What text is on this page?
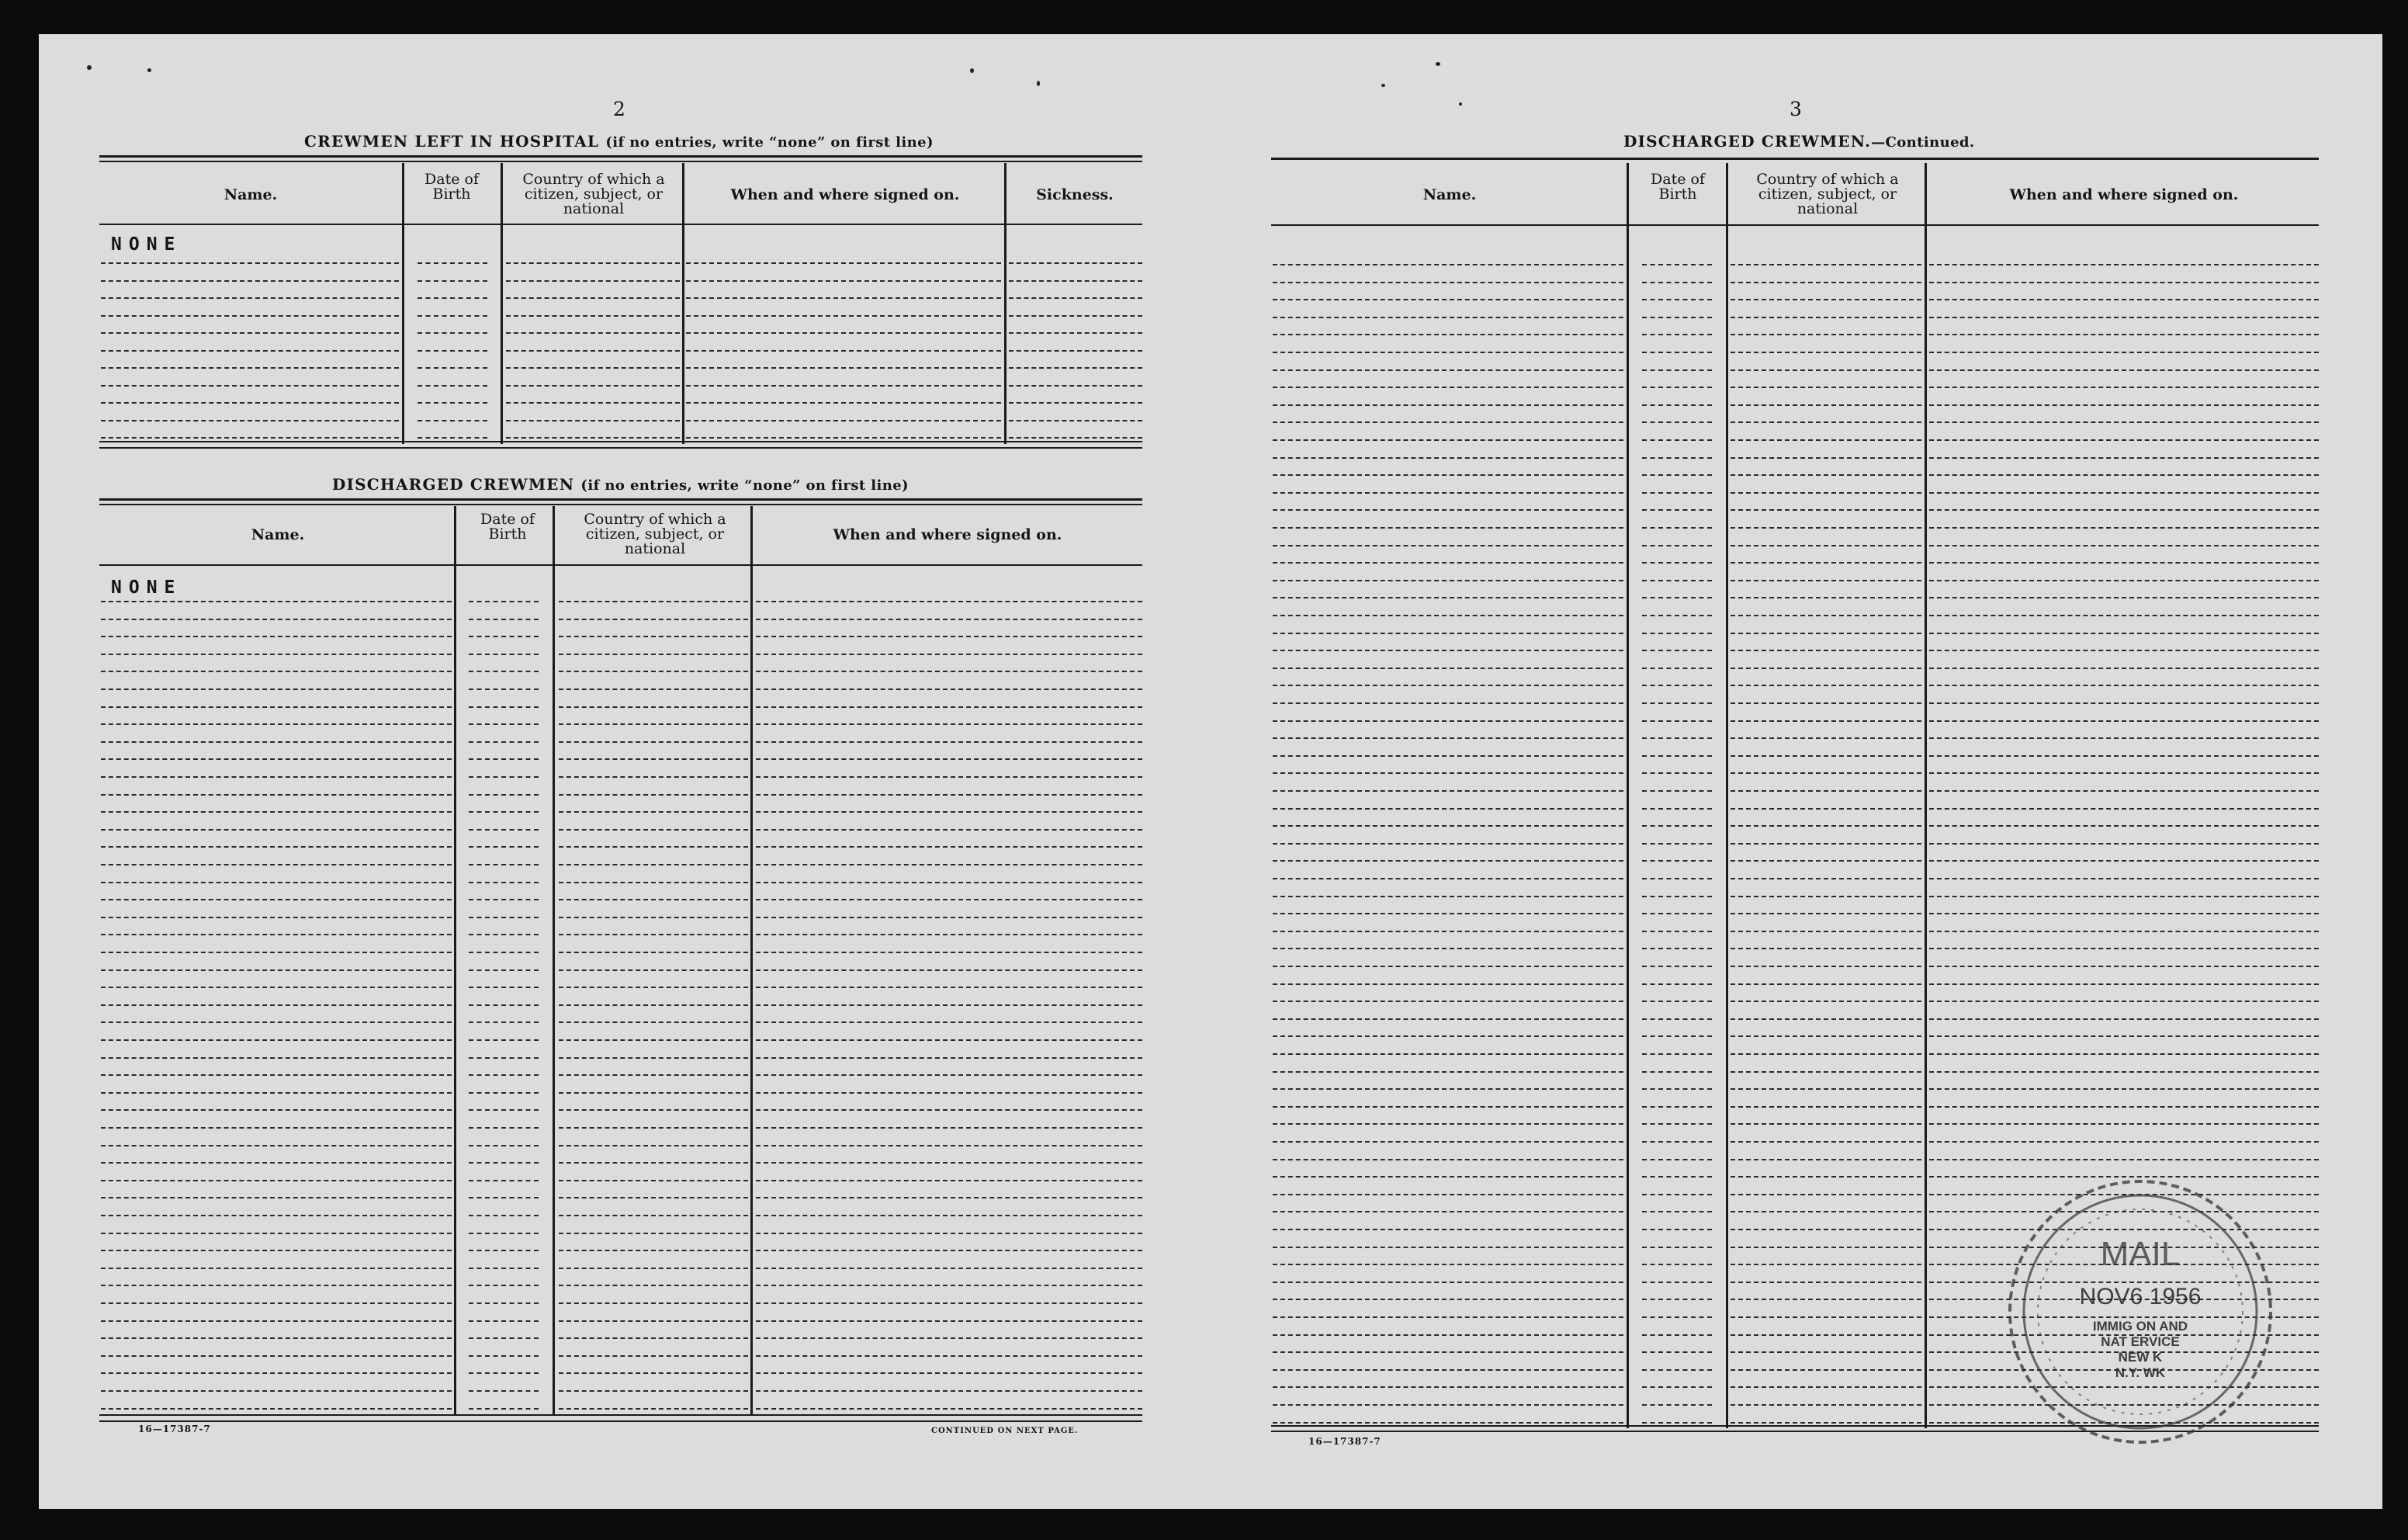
2
CREWMEN LEFT IN HOSPITAL (if no entries, write “none” on first line)
Name.
Date of Birth
Country of which a citizen, subject, or national
When and where signed on.	Sickness.
NONE
DISCHARGED CREWMEN (if no entries, write “none” on first line)
Name.
Date of Birth
Country of which a citizen, subject, or national
When and where signed on.
NONE
16—17387-7	CONTINUED ON NEXT PAGE.
3
DISCHARGED CREWMEN.—Continued.
Name.
Date of Birth
Country of which a citizen, subject, or national
When and where signed on.
16—17387-7
MAIL
NOV6 1956
IMMIG ON AND
NAT ERVICE
NEW K
N.Y. WK
